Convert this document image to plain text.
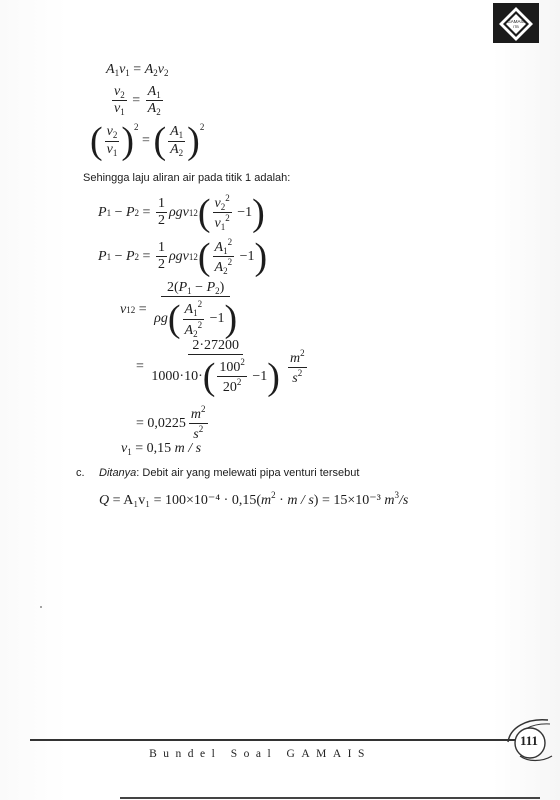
GAMAIS
ITB
$A_1v_1 = A_2v_2$
$\frac{v_2}{v_1} = \frac{A_1}{A_2}$
( $\frac{v_2}{v_1}$ ) 2
= ( $\frac{A_1}{A_2}$ ) 2
Sehingga laju aliran air pada titik 1 adalah:
P 1 − P $2 = \frac{1}{2}$ ρgv 1 2 ( $\frac{v_2^2}{v_1^2} -1$ )
P 1 − P $2 = \frac{1}{2}$ ρgv 1 2 ( $\frac{A_1^2}{A_2^2} -1$ )
v 1 $2 = \frac{2(P_1 - P_2)}{\rho g ( \frac{A_1^2}{A_2^2} -1 )}$
=
2·27200
1000·10· ( $\frac{100^2}{20^2} -1$ ) $\frac{m^2}{s^2}$
= $0,0225 \frac{m^2}{s^2}$
$v_1 = 0,15$ m / s
c. Ditanya: Debit air yang melewati pipa venturi tersebut
$Q = A_1v_1 = 100\times 10^{-4} \cdot 0,15(m^2 \cdot m / s) = 15\times 10^{-3}$ $m^3/s$
111
Bundel Soal GAMAIS
